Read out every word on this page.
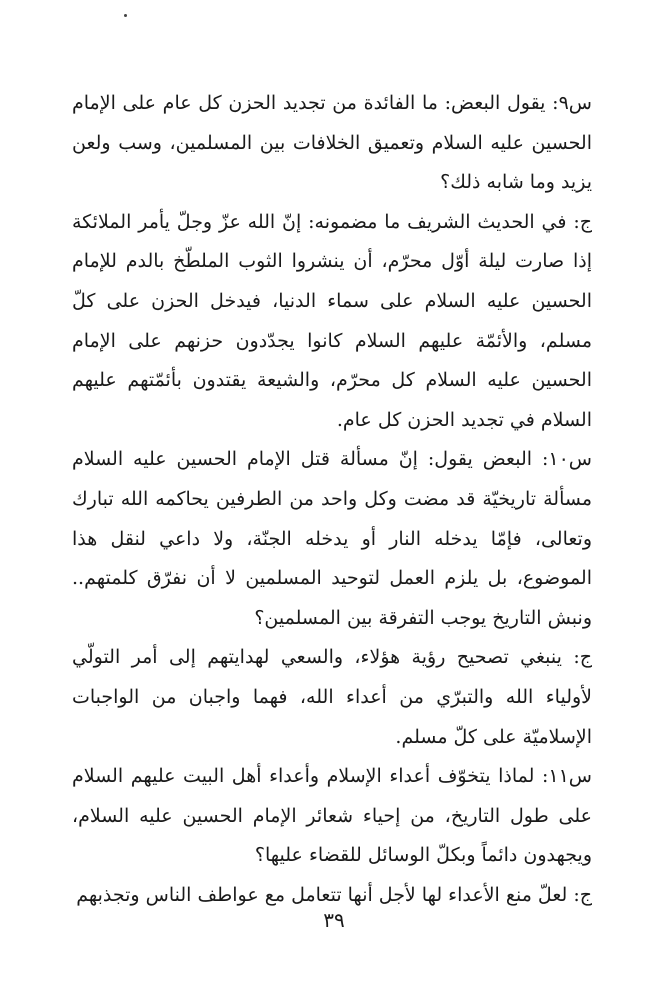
س٩: يقول البعض: ما الفائدة من تجديد الحزن كل عام على الإمام الحسين عليه السلام وتعميق الخلافات بين المسلمين، وسب ولعن يزيد وما شابه ذلك؟

ج: في الحديث الشريف ما مضمونه: إنّ الله عزّ وجلّ يأمر الملائكة إذا صارت ليلة أوّل محرّم، أن ينشروا الثوب الملطّخ بالدم للإمام الحسين عليه السلام على سماء الدنيا، فيدخل الحزن على كلّ مسلم، والأئمّة عليهم السلام كانوا يجدّدون حزنهم على الإمام الحسين عليه السلام كل محرّم، والشيعة يقتدون بأئمّتهم عليهم السلام في تجديد الحزن كل عام.

س١٠: البعض يقول: إنّ مسألة قتل الإمام الحسين عليه السلام مسألة تاريخيّة قد مضت وكل واحد من الطرفين يحاكمه الله تبارك وتعالى، فإمّا يدخله النار أو يدخله الجنّة، ولا داعي لنقل هذا الموضوع، بل يلزم العمل لتوحيد المسلمين لا أن نفرّق كلمتهم.. ونبش التاريخ يوجب التفرقة بين المسلمين؟

ج: ينبغي تصحيح رؤية هؤلاء، والسعي لهدايتهم إلى أمر التولّي لأولياء الله والتبرّي من أعداء الله، فهما واجبان من الواجبات الإسلاميّة على كلّ مسلم.

س١١: لماذا يتخوّف أعداء الإسلام وأعداء أهل البيت عليهم السلام على طول التاريخ، من إحياء شعائر الإمام الحسين عليه السلام، ويجهدون دائماً وبكلّ الوسائل للقضاء عليها؟

ج: لعلّ منع الأعداء لها لأجل أنها تتعامل مع عواطف الناس وتجذبهم

٣٩
